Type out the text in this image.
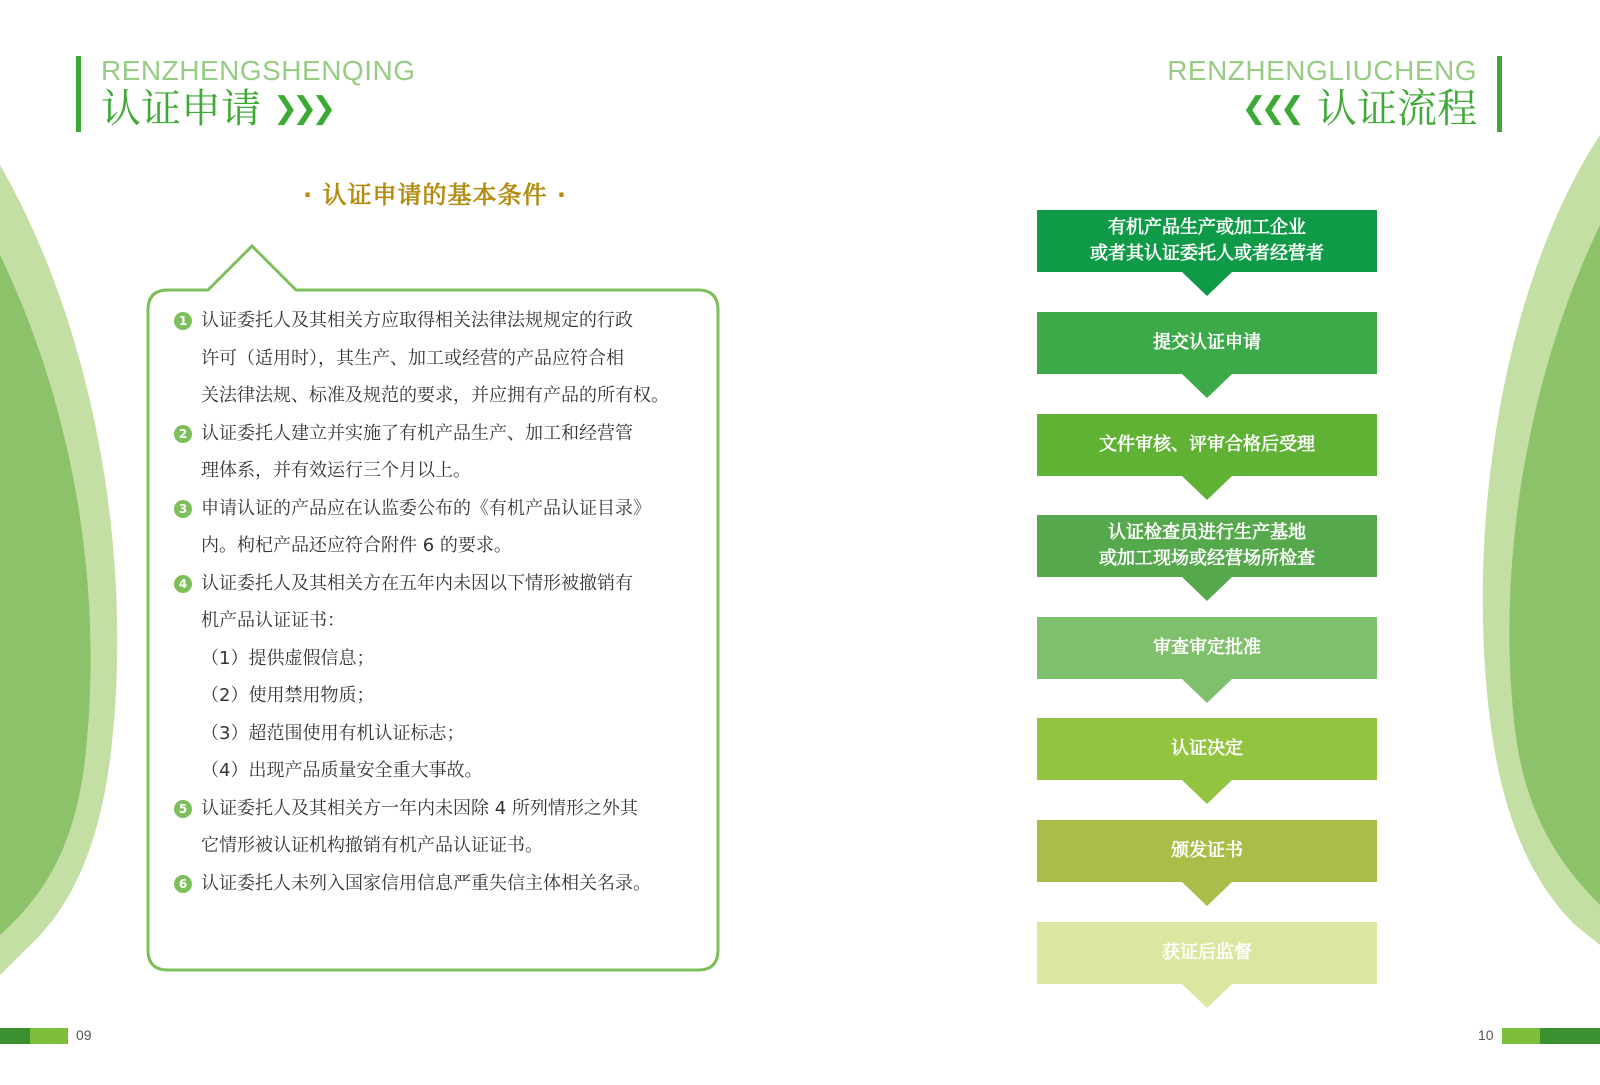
RENZHENGSHENQING
认证申请 ❯❯❯
RENZHENGLIUCHENG
❮❮❮ 认证流程
· 认证申请的基本条件 ·
1 认证委托人及其相关方应取得相关法律法规规定的行政
许可（适用时），其生产、加工或经营的产品应符合相
关法律法规、标准及规范的要求，并应拥有产品的所有权。
2 认证委托人建立并实施了有机产品生产、加工和经营管
理体系，并有效运行三个月以上。
3 申请认证的产品应在认监委公布的《有机产品认证目录》
内。枸杞产品还应符合附件 6 的要求。
4 认证委托人及其相关方在五年内未因以下情形被撤销有
机产品认证证书：
（1）提供虚假信息；
（2）使用禁用物质；
（3）超范围使用有机认证标志；
（4）出现产品质量安全重大事故。
5 认证委托人及其相关方一年内未因除 4 所列情形之外其
它情形被认证机构撤销有机产品认证证书。
6 认证委托人未列入国家信用信息严重失信主体相关名录。
有机产品生产或加工企业
或者其认证委托人或者经营者
提交认证申请
文件审核、评审合格后受理
认证检查员进行生产基地
或加工现场或经营场所检查
审查审定批准
认证决定
颁发证书
获证后监督
09	10
